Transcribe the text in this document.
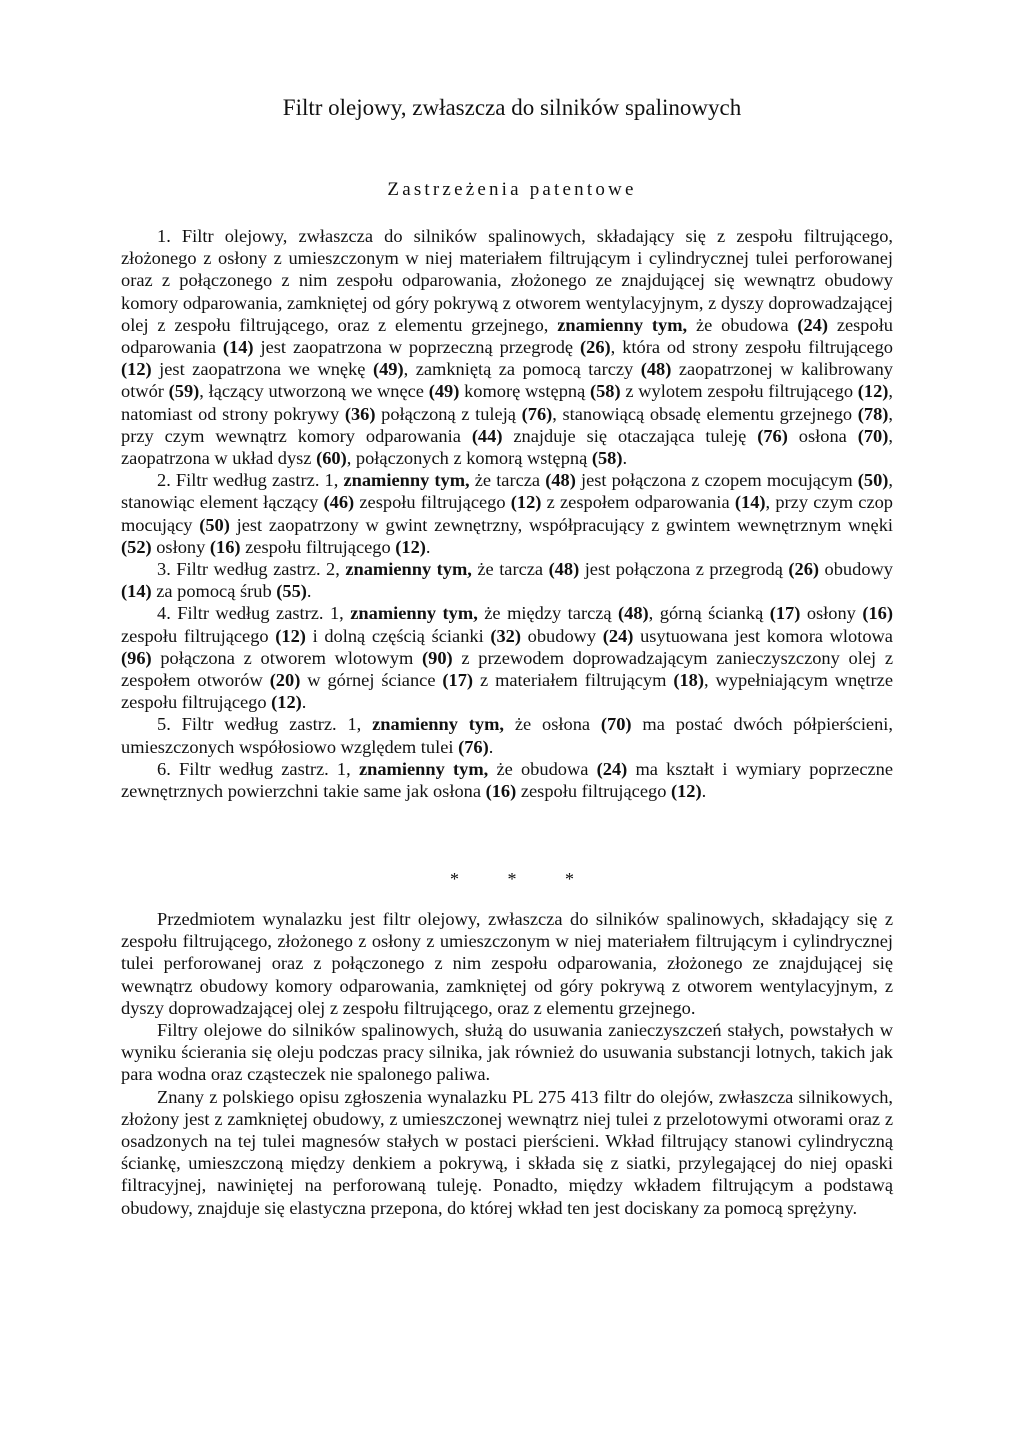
Filtr olejowy, zwłaszcza do silników spalinowych
Zastrzeżenia patentowe

1. Filtr olejowy, zwłaszcza do silników spalinowych, składający się z zespołu filtrującego, złożonego z osłony z umieszczonym w niej materiałem filtrującym i cylindrycznej tulei perforowanej oraz z połączonego z nim zespołu odparowania, złożonego ze znajdującej się wewnątrz obudowy komory odparowania, zamkniętej od góry pokrywą z otworem wentylacyjnym, z dyszy doprowadzającej olej z zespołu filtrującego, oraz z elementu grzejnego, znamienny tym, że obudowa (24) zespołu odparowania (14) jest zaopatrzona w poprzeczną przegrodę (26), która od strony zespołu filtrującego (12) jest zaopatrzona we wnękę (49), zamkniętą za pomocą tarczy (48) zaopatrzonej w kalibrowany otwór (59), łączący utworzoną we wnęce (49) komorę wstępną (58) z wylotem zespołu filtrującego (12), natomiast od strony pokrywy (36) połączoną z tuleją (76), stanowiącą obsadę elementu grzejnego (78), przy czym wewnątrz komory odparowania (44) znajduje się otaczająca tuleję (76) osłona (70), zaopatrzona w układ dysz (60), połączonych z komorą wstępną (58).

2. Filtr według zastrz. 1, znamienny tym, że tarcza (48) jest połączona z czopem mocującym (50), stanowiąc element łączący (46) zespołu filtrującego (12) z zespołem odparowania (14), przy czym czop mocujący (50) jest zaopatrzony w gwint zewnętrzny, współpracujący z gwintem wewnętrznym wnęki (52) osłony (16) zespołu filtrującego (12).

3. Filtr według zastrz. 2, znamienny tym, że tarcza (48) jest połączona z przegrodą (26) obudowy (14) za pomocą śrub (55).

4. Filtr według zastrz. 1, znamienny tym, że między tarczą (48), górną ścianką (17) osłony (16) zespołu filtrującego (12) i dolną częścią ścianki (32) obudowy (24) usytuowana jest komora wlotowa (96) połączona z otworem wlotowym (90) z przewodem doprowadzającym zanieczyszczony olej z zespołem otworów (20) w górnej ściance (17) z materiałem filtrującym (18), wypełniającym wnętrze zespołu filtrującego (12).

5. Filtr według zastrz. 1, znamienny tym, że osłona (70) ma postać dwóch półpierścieni, umieszczonych współosiowo względem tulei (76).

6. Filtr według zastrz. 1, znamienny tym, że obudowa (24) ma kształt i wymiary poprzeczne zewnętrznych powierzchni takie same jak osłona (16) zespołu filtrującego (12).

* * *

Przedmiotem wynalazku jest filtr olejowy, zwłaszcza do silników spalinowych, składający się z zespołu filtrującego, złożonego z osłony z umieszczonym w niej materiałem filtrującym i cylindrycznej tulei perforowanej oraz z połączonego z nim zespołu odparowania, złożonego ze znajdującej się wewnątrz obudowy komory odparowania, zamkniętej od góry pokrywą z otworem wentylacyjnym, z dyszy doprowadzającej olej z zespołu filtrującego, oraz z elementu grzejnego.

Filtry olejowe do silników spalinowych, służą do usuwania zanieczyszczeń stałych, powstałych w wyniku ścierania się oleju podczas pracy silnika, jak również do usuwania substancji lotnych, takich jak para wodna oraz cząsteczek nie spalonego paliwa.

Znany z polskiego opisu zgłoszenia wynalazku PL 275 413 filtr do olejów, zwłaszcza silnikowych, złożony jest z zamkniętej obudowy, z umieszczonej wewnątrz niej tulei z przelotowymi otworami oraz z osadzonych na tej tulei magnesów stałych w postaci pierścieni. Wkład filtrujący stanowi cylindryczną ściankę, umieszczoną między denkiem a pokrywą, i składa się z siatki, przylegającej do niej opaski filtracyjnej, nawiniętej na perforowaną tuleję. Ponadto, między wkładem filtrującym a podstawą obudowy, znajduje się elastyczna przepona, do której wkład ten jest dociskany za pomocą sprężyny.
